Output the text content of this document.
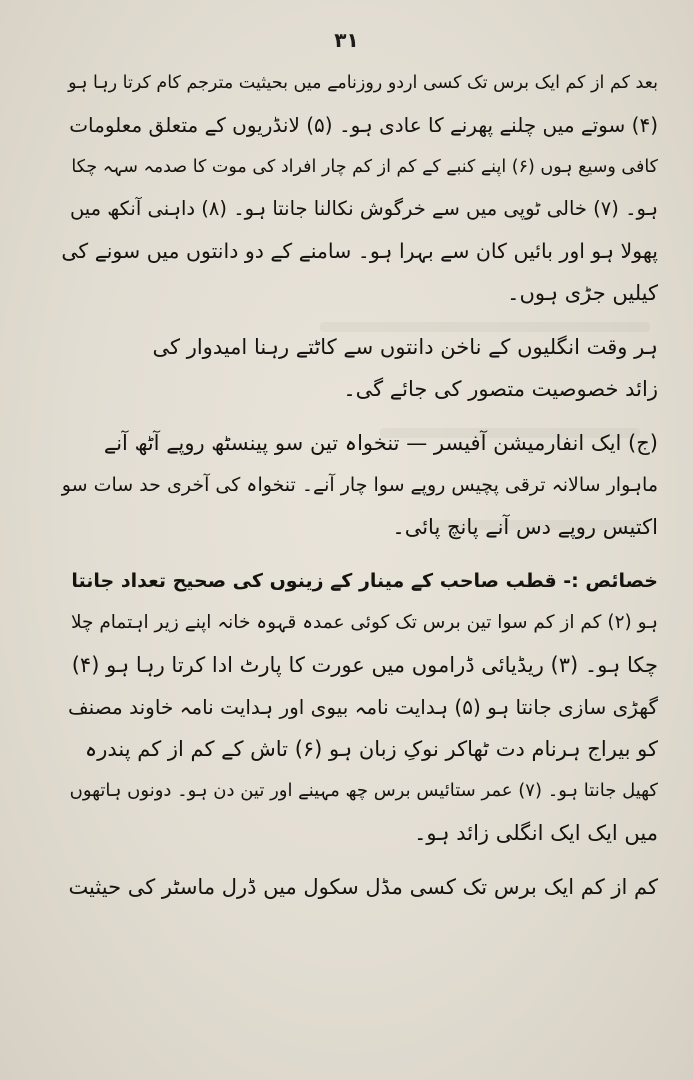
۳۱
بعد کم از کم ایک برس تک کسی اردو روزنامے میں بحیثیت مترجم کام کرتا رہا ہو
(۴) سوتے میں چلنے پھرنے کا عادی ہو۔ (۵) لانڈریوں کے متعلق معلومات
کافی وسیع ہوں (۶) اپنے کنبے کے کم از کم چار افراد کی موت کا صدمہ سہہ چکا
ہو۔ (۷) خالی ٹوپی میں سے خرگوش نکالنا جانتا ہو۔ (۸) داہنی آنکھ میں
پھولا ہو اور بائیں کان سے بہرا ہو۔ سامنے کے دو دانتوں میں سونے کی
کیلیں جڑی ہوں۔
ہر وقت انگلیوں کے ناخن دانتوں سے کاٹتے رہنا امیدوار کی
زائد خصوصیت متصور کی جائے گی۔
(ج) ایک انفارمیشن آفیسر — تنخواہ تین سو پینسٹھ روپے آٹھ آنے
ماہوار سالانہ ترقی پچیس روپے سوا چار آنے۔ تنخواہ کی آخری حد سات سو
اکتیس روپے دس آنے پانچ پائی۔
خصائص :- قطب صاحب کے مینار کے زینوں کی صحیح تعداد جانتا
ہو (۲) کم از کم سوا تین برس تک کوئی عمدہ قہوہ خانہ اپنے زیر اہتمام چلا
چکا ہو۔ (۳) ریڈیائی ڈراموں میں عورت کا پارٹ ادا کرتا رہا ہو (۴)
گھڑی سازی جانتا ہو (۵) ہدایت نامہ بیوی اور ہدایت نامہ خاوند مصنف
کو بیراج ہرنام دت ٹھاکر نوکِ زبان ہو (۶) تاش کے کم از کم پندرہ
کھیل جانتا ہو۔ (۷) عمر ستائیس برس چھ مہینے اور تین دن ہو۔ دونوں ہاتھوں
میں ایک ایک انگلی زائد ہو۔
کم از کم ایک برس تک کسی مڈل سکول میں ڈرل ماسٹر کی حیثیت
